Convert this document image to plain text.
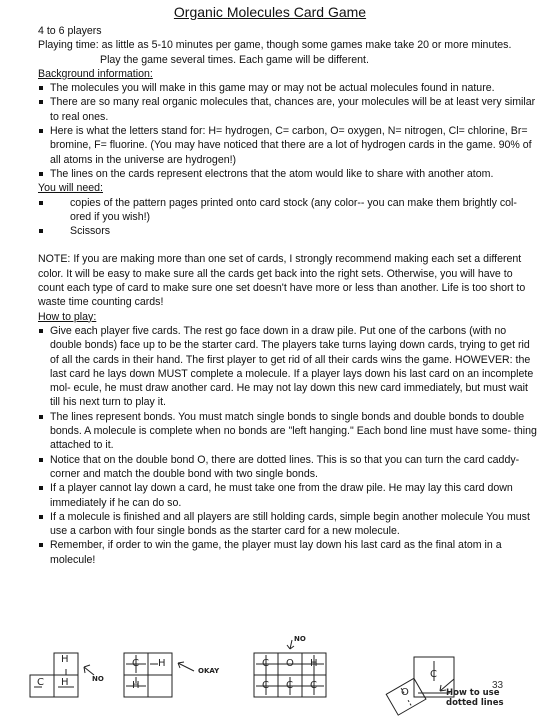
Organic Molecules Card Game

4 to 6 players

Playing time: as little as 5-10 minutes per game, though some games make take 20 or more minutes.

Play the game several times. Each game will be different.

Background information:

The molecules you will make in this game may or may not be actual molecules found in nature.
There are so many real organic molecules that, chances are, your molecules will be at least very similar to real ones.
Here is what the letters stand for: H= hydrogen, C= carbon, O= oxygen, N= nitrogen, Cl= chlorine, Br= bromine, F= fluorine. (You may have noticed that there are a lot of hydrogen cards in the game. 90% of all atoms in the universe are hydrogen!)
The lines on the cards represent electrons that the atom would like to share with another atom.

You will need:

copies of the pattern pages printed onto card stock (any color-- you can make them brightly col- ored if you wish!)
Scissors

NOTE: If you are making more than one set of cards, I strongly recommend making each set a different color. It will be easy to make sure all the cards get back into the right sets. Otherwise, you will have to count each type of card to make sure one set doesn't have more or less than another. Life is too short to waste time counting cards!

How to play:

Give each player five cards. The rest go face down in a draw pile. Put one of the carbons (with no double bonds) face up to be the starter card. The players take turns laying down cards, trying to get rid of all the cards in their hand. The first player to get rid of all their cards wins the game. HOWEVER: the last card he lays down MUST complete a molecule. If a player lays down his last card on an incomplete mol- ecule, he must draw another card. He may not lay down this new card immediately, but must wait till his next turn to play it.
The lines represent bonds. You must match single bonds to single bonds and double bonds to double bonds. A molecule is complete when no bonds are "left hanging." Each bond line must have some- thing attached to it.
Notice that on the double bond O, there are dotted lines. This is so that you can turn the card caddy-corner and match the double bond with two single bonds.
If a player cannot lay down a card, he must take one from the draw pile. He may lay this card down immediately if he can do so.
If a molecule is finished and all players are still holding cards, simple begin another molecule You must use a carbon with four single bonds as the starter card for a new molecule.
Remember, if order to win the game, the player must lay down his last card as the final atom in a molecule!
H
C H	NO
C H
H
OKAY
C O H
C C C
NO
C
O
33
How to use dotted lines
